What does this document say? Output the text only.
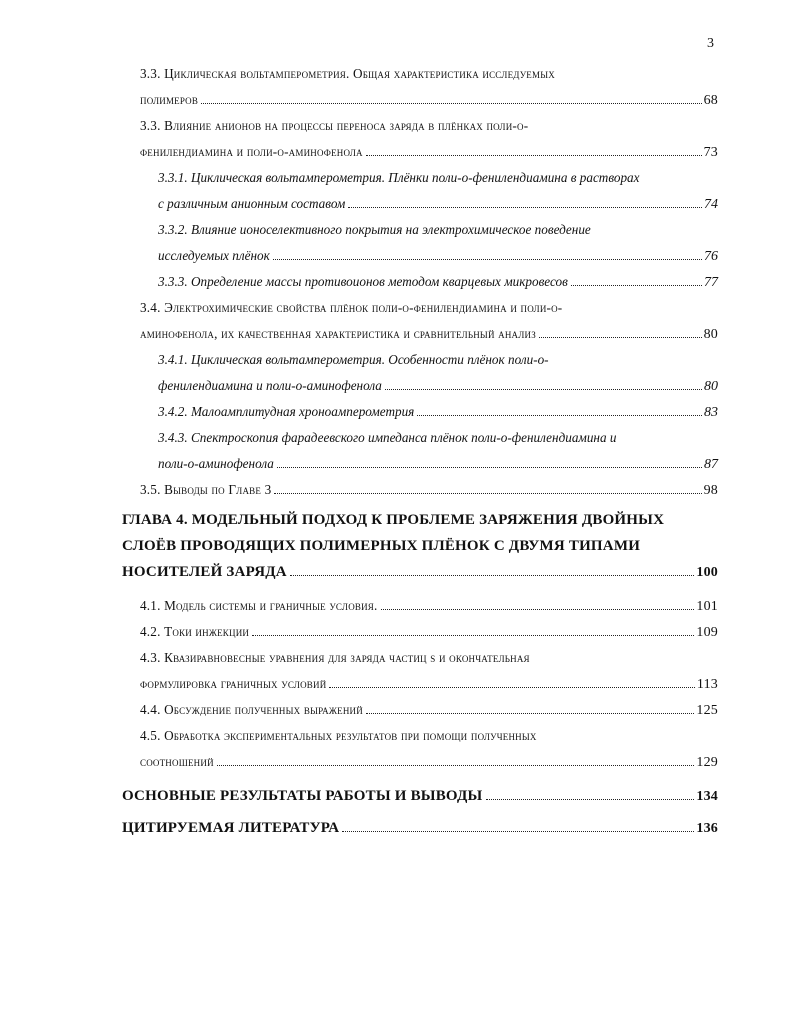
3
3.3. Циклическая вольтамперометрия. Общая характеристика исследуемых
полимеров	68
3.3. Влияние анионов на процессы переноса заряда в плёнках поли-о-
фенилендиамина и поли-о-аминофенола	73
3.3.1. Циклическая вольтамперометрия. Плёнки поли-о-фенилендиамина в растворах
с различным анионным составом	74
3.3.2. Влияние ионоселективного покрытия на электрохимическое поведение
исследуемых плёнок	76
3.3.3. Определение массы противоионов методом кварцевых микровесов	77
3.4. Электрохимические свойства плёнок поли-о-фенилендиамина и поли-о-
аминофенола, их качественная характеристика и сравнительный анализ	80
3.4.1. Циклическая вольтамперометрия. Особенности плёнок поли-о-
фенилендиамина и поли-о-аминофенола	80
3.4.2. Малоамплитудная хроноамперометрия	83
3.4.3. Спектроскопия фарадеевского импеданса плёнок поли-о-фенилендиамина и
поли-о-аминофенола	87
3.5. Выводы по Главе 3	98
ГЛАВА 4. МОДЕЛЬНЫЙ ПОДХОД К ПРОБЛЕМЕ ЗАРЯЖЕНИЯ ДВОЙНЫХ
СЛОЁВ ПРОВОДЯЩИХ ПОЛИМЕРНЫХ ПЛЁНОК С ДВУМЯ ТИПАМИ
НОСИТЕЛЕЙ ЗАРЯДА	100
4.1. Модель системы и граничные условия.	101
4.2. Токи инжекции	109
4.3. Квазиравновесные уравнения для заряда частиц s и окончательная
формулировка граничных условий	113
4.4. Обсуждение полученных выражений	125
4.5. Обработка экспериментальных результатов при помощи полученных
соотношений	129
ОСНОВНЫЕ РЕЗУЛЬТАТЫ РАБОТЫ И ВЫВОДЫ	134
ЦИТИРУЕМАЯ ЛИТЕРАТУРА	136
